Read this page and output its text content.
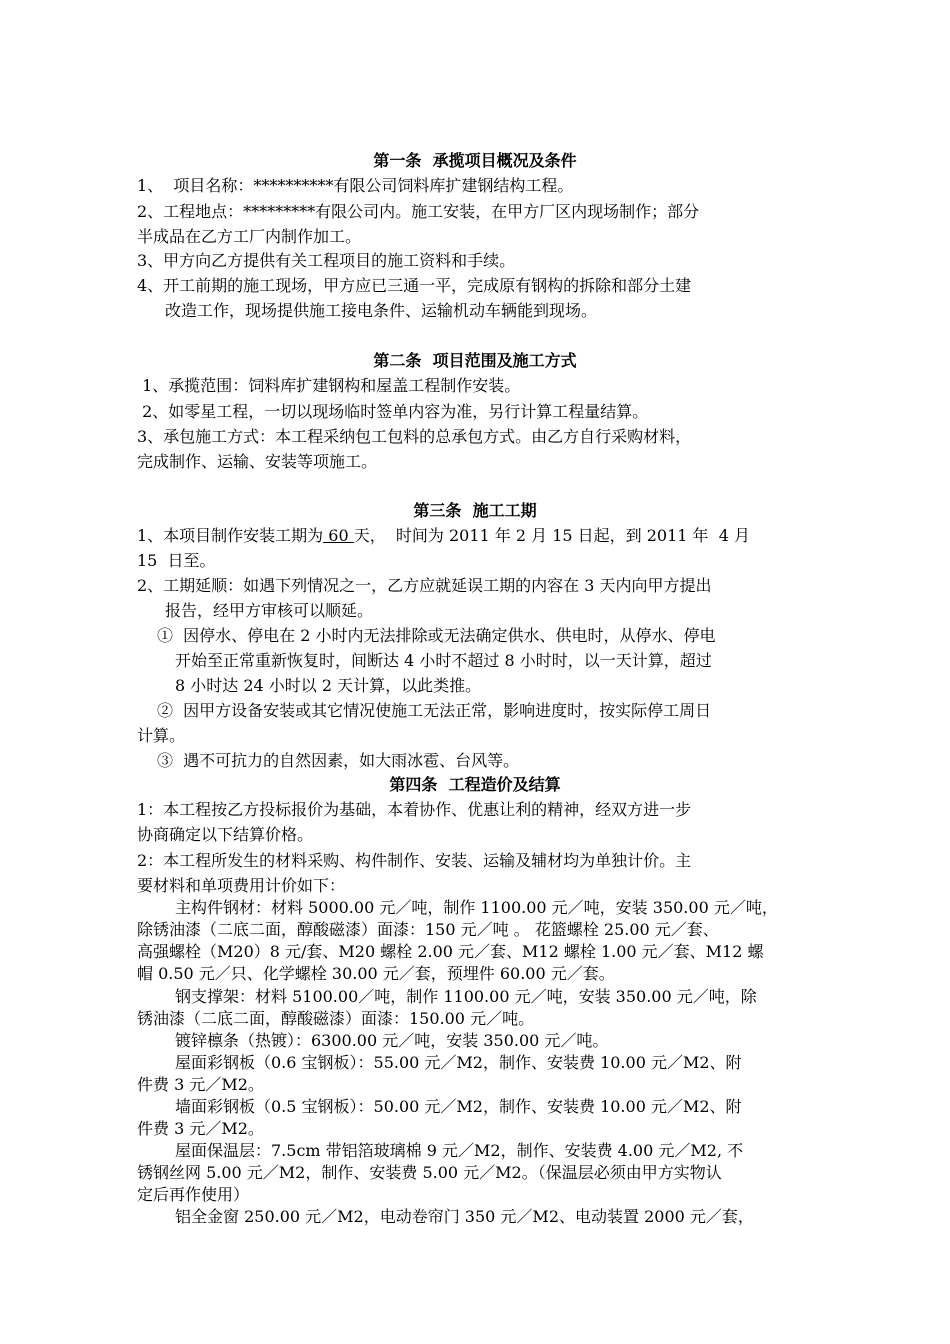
第一条  承揽项目概况及条件
1、  项目名称：**********有限公司饲料库扩建钢结构工程。
2、工程地点：*********有限公司内。施工安装，在甲方厂区内现场制作；部分
半成品在乙方工厂内制作加工。
3、甲方向乙方提供有关工程项目的施工资料和手续。
4、开工前期的施工现场，甲方应已三通一平，完成原有钢构的拆除和部分土建
改造工作，现场提供施工接电条件、运输机动车辆能到现场。
第二条  项目范围及施工方式
1、承揽范围：饲料库扩建钢构和屋盖工程制作安装。
2、如零星工程，一切以现场临时签单内容为准，另行计算工程量结算。
3、承包施工方式：本工程采纳包工包料的总承包方式。由乙方自行采购材料，
完成制作、运输、安装等项施工。
第三条  施工工期
1、本项目制作安装工期为 60 天，  时间为 2011 年 2 月 15 日起，到 2011 年  4 月
15  日至。
2、工期延顺：如遇下列情况之一，乙方应就延误工期的内容在 3 天内向甲方提出
报告，经甲方审核可以顺延。
①  因停水、停电在 2 小时内无法排除或无法确定供水、供电时，从停水、停电
开始至正常重新恢复时，间断达 4 小时不超过 8 小时时，以一天计算，超过
8 小时达 24 小时以 2 天计算，以此类推。
②  因甲方设备安装或其它情况使施工无法正常，影响进度时，按实际停工周日
计算。
③  遇不可抗力的自然因素，如大雨冰雹、台风等。
第四条  工程造价及结算
1：本工程按乙方投标报价为基础，本着协作、优惠让利的精神，经双方进一步
协商确定以下结算价格。
2：本工程所发生的材料采购、构件制作、安装、运输及辅材均为单独计价。主
要材料和单项费用计价如下：
主构件钢材：材料 5000.00 元／吨，制作 1100.00 元／吨，安装 350.00 元／吨，
除锈油漆（二底二面，醇酸磁漆）面漆：150 元／吨 。 花篮螺栓 25.00 元／套、
高强螺栓（M20）8 元/套、M20 螺栓 2.00 元／套、M12 螺栓 1.00 元／套、M12 螺
帽 0.50 元／只、化学螺栓 30.00 元／套，预埋件 60.00 元／套。
钢支撑架：材料 5100.00／吨，制作 1100.00 元／吨，安装 350.00 元／吨，除
锈油漆（二底二面，醇酸磁漆）面漆：150.00 元／吨。
镀锌檩条（热镀）：6300.00 元／吨，安装 350.00 元／吨。
屋面彩钢板（0.6 宝钢板）：55.00 元／M2，制作、安装费 10.00 元／M2、附
件费 3 元／M2。
墙面彩钢板（0.5 宝钢板）：50.00 元／M2，制作、安装费 10.00 元／M2、附
件费 3 元／M2。
屋面保温层：7.5cm 带铝箔玻璃棉 9 元／M2，制作、安装费 4.00 元／M2, 不
锈钢丝网 5.00 元／M2，制作、安装费 5.00 元／M2。（保温层必须由甲方实物认
定后再作使用）
铝全金窗 250.00 元／M2，电动卷帘门 350 元／M2、电动装置 2000 元／套，
